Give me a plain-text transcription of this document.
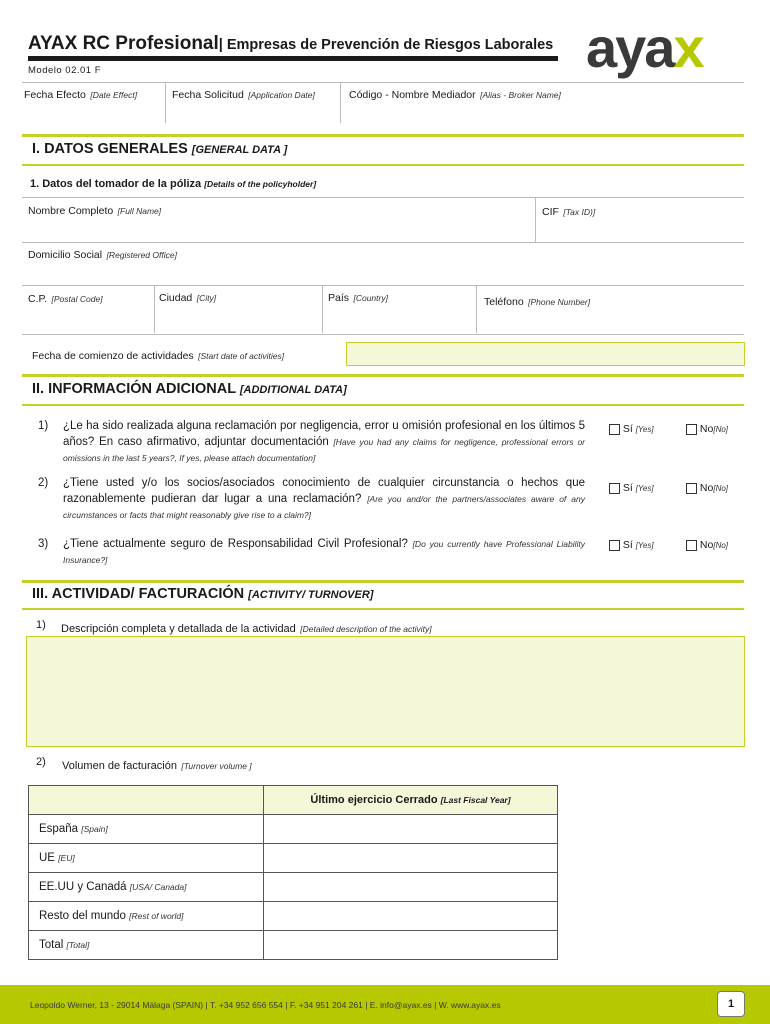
AYAX RC Profesional| Empresas de Prevención de Riesgos Laborales ayax
Modelo 02.01 F
Fecha Efecto [Date Effect]	Fecha Solicitud [Application Date]	Código - Nombre Mediador [Alias - Broker Name]
I. DATOS GENERALES [GENERAL DATA ]
1. Datos del tomador de la póliza [Details of the policyholder]
Nombre Completo [Full Name]	CIF [Tax ID)]
Domicilio Social [Registered Office]
C.P. [Postal Code]	Ciudad [City]	País [Country]	Teléfono [Phone Number]
Fecha de comienzo de actividades [Start date of activities]
II. INFORMACIÓN ADICIONAL [ADDITIONAL DATA]
1) ¿Le ha sido realizada alguna reclamación por negligencia, error u omisión profesional en los últimos 5 años? En caso afirmativo, adjuntar documentación [Have you had any claims for negligence, professional errors or omissions in the last 5 years?, If yes, please attach documentation]
Sí [Yes]	No[No]
2) ¿Tiene usted y/o los socios/asociados conocimiento de cualquier circunstancia o hechos que razonablemente pudieran dar lugar a una reclamación? [Are you and/or the partners/associates aware of any circumstances or facts that might reasonably give rise to a claim?]
Sí [Yes]	No[No]
3) ¿Tiene actualmente seguro de Responsabilidad Civil Profesional? [Do you currently have Professional Liability Insurance?]
Sí [Yes]	No[No]
III. ACTIVIDAD/ FACTURACIÓN [ACTIVITY/ TURNOVER]
1) Descripción completa y detallada de la actividad [Detailed description of the activity]
2) Volumen de facturación [Turnover volume ]
	Último ejercicio Cerrado [Last Fiscal Year]
España [Spain]	
UE [EU]	
EE.UU y Canadá [USA/ Canada]	
Resto del mundo [Rest of world]	
Total [Total]	
Leopoldo Werner, 13 - 29014 Málaga (SPAIN) | T. +34 952 656 554 | F. +34 951 204 261 | E. info@ayax.es | W. www.ayax.es	1
